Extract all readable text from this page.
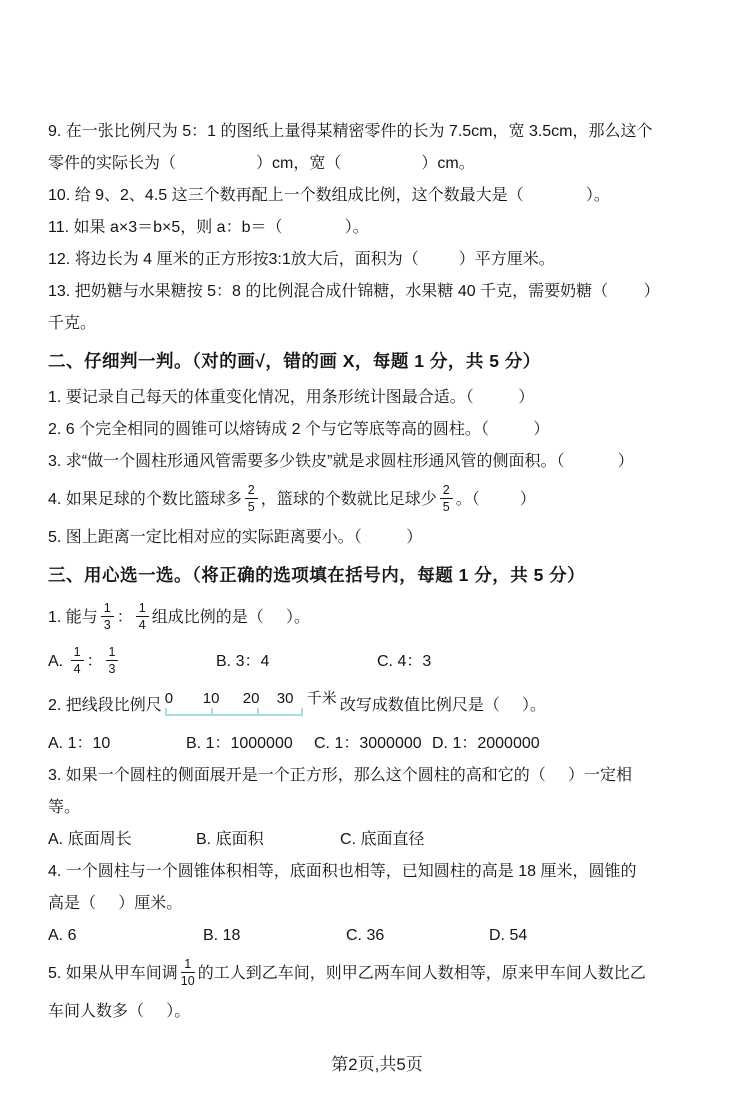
9. 在一张比例尺为 5：1 的图纸上量得某精密零件的长为 7.5cm，宽 3.5cm，那么这个
零件的实际长为（                  ）cm，宽（                  ）cm。
10. 给 9、2、4.5 这三个数再配上一个数组成比例，这个数最大是（              ）。
11. 如果 a×3＝b×5，则 a：b＝（              ）。
12. 将边长为 4 厘米的正方形按3:1放大后，面积为（         ）平方厘米。
13. 把奶糖与水果糖按 5：8 的比例混合成什锦糖，水果糖 40 千克，需要奶糖（        ）
千克。
二、仔细判一判。（对的画√，错的画 X，每题 1 分，共 5 分）
1. 要记录自己每天的体重变化情况，用条形统计图最合适。（          ）
2. 6 个完全相同的圆锥可以熔铸成 2 个与它等底等高的圆柱。（          ）
3. 求“做一个圆柱形通风管需要多少铁皮”就是求圆柱形通风管的侧面积。（            ）
4. 如果足球的个数比篮球多 $\frac{2}{5}$ ，篮球的个数就比足球少 $\frac{2}{5}$ 。（         ）
5. 图上距离一定比相对应的实际距离要小。（          ）
三、用心选一选。（将正确的选项填在括号内，每题 1 分，共 5 分）
1. 能与 $\frac{1}{3}$ ： $\frac{1}{4}$ 组成比例的是（     ）。
A. $\frac{1}{4}$ ： $\frac{1}{3}$	B. 3：4	C. 4：3
2. 把线段比例尺 0	10	20	30 千米 改写成数值比例尺是（     ）。
A. 1：10	B. 1：1000000	C. 1：3000000 D. 1：2000000
3. 如果一个圆柱的侧面展开是一个正方形，那么这个圆柱的高和它的（     ）一定相
等。
A. 底面周长	B. 底面积	C. 底面直径
4. 一个圆柱与一个圆锥体积相等，底面积也相等，已知圆柱的高是 18 厘米，圆锥的
高是（     ）厘米。
A. 6	B. 18	C. 36	D. 54
5. 如果从甲车间调 $\frac{1}{10}$ 的工人到乙车间，则甲乙两车间人数相等，原来甲车间人数比乙
车间人数多（     ）。
第2页,共5页
